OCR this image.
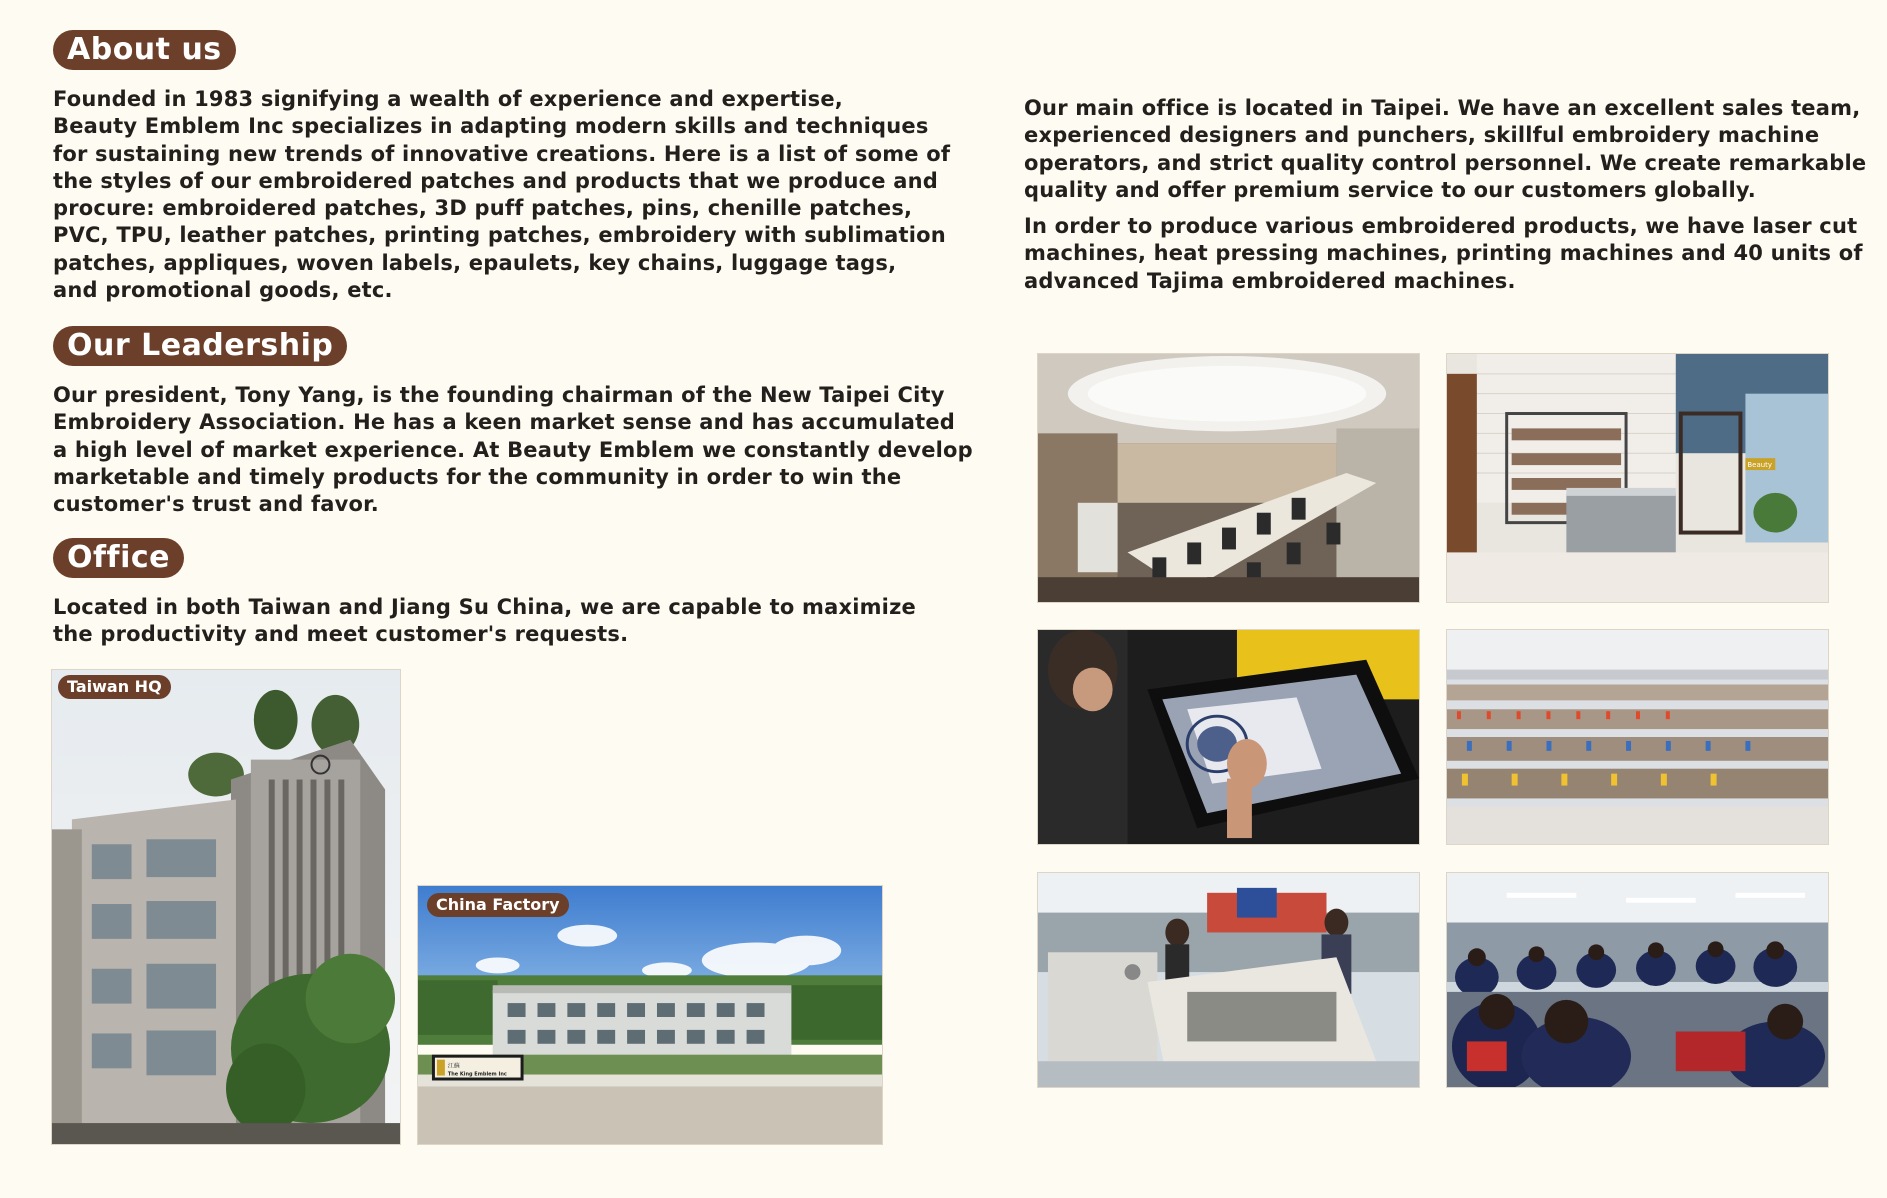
About us
Founded in 1983 signifying a wealth of experience and expertise,
Beauty Emblem Inc specializes in adapting modern skills and techniques
for sustaining new trends of innovative creations. Here is a list of some of
the styles of our embroidered patches and products that we produce and
procure: embroidered patches, 3D puff patches, pins, chenille patches,
PVC, TPU, leather patches, printing patches, embroidery with sublimation
patches, appliques, woven labels, epaulets, key chains, luggage tags,
and promotional goods, etc.
Our Leadership
Our president, Tony Yang, is the founding chairman of the New Taipei City
Embroidery Association. He has a keen market sense and has accumulated
a high level of market experience. At Beauty Emblem we constantly develop
marketable and timely products for the community in order to win the
customer's trust and favor.
Office
Located in both Taiwan and Jiang Su China, we are capable to maximize
the productivity and meet customer's requests.
Taiwan HQ
江蘇
The King Emblem Inc
China Factory
Our main office is located in Taipei. We have an excellent sales team,
experienced designers and punchers, skillful embroidery machine
operators, and strict quality control personnel. We create remarkable
quality and offer premium service to our customers globally.
In order to produce various embroidered products, we have laser cut
machines, heat pressing machines, printing machines and 40 units of
advanced Tajima embroidered machines.
Beauty
